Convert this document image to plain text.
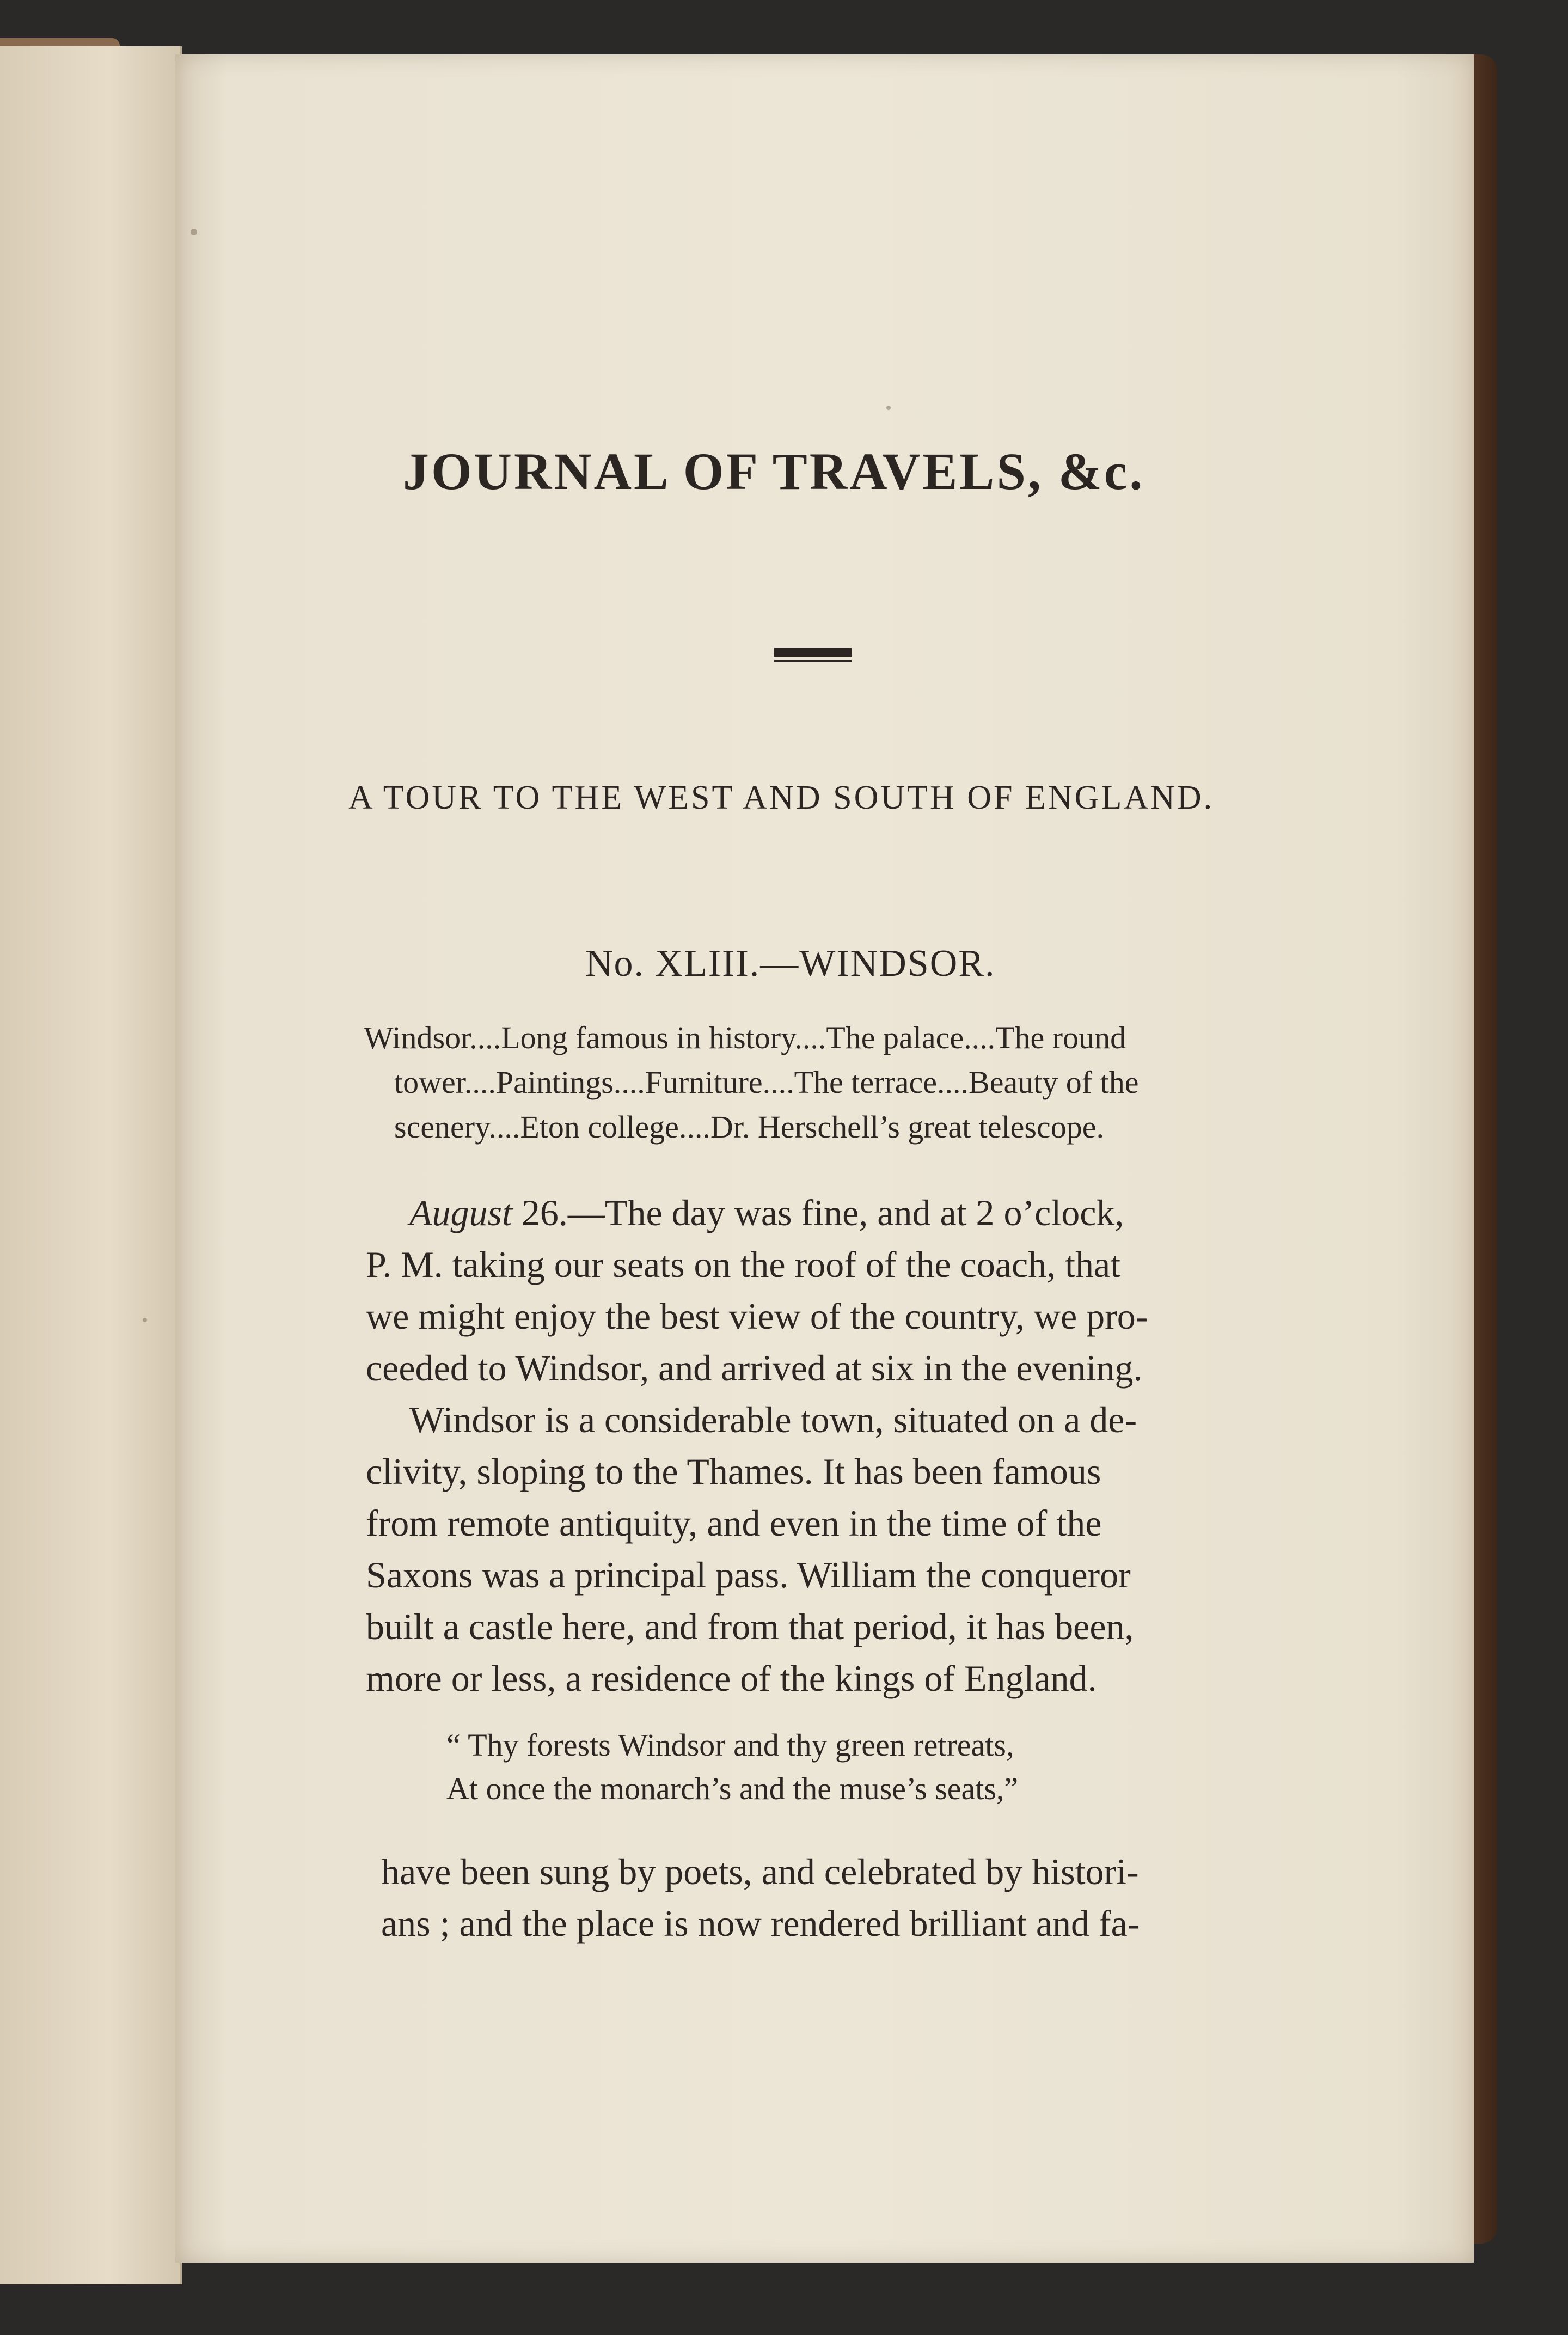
JOURNAL OF TRAVELS, &c.
A TOUR TO THE WEST AND SOUTH OF ENGLAND.
No. XLIII.—WINDSOR.
Windsor....Long famous in history....The palace....The round
tower....Paintings....Furniture....The terrace....Beauty of the
scenery....Eton college....Dr. Herschell’s great telescope.
August 26.—The day was fine, and at 2 o’clock,
P. M. taking our seats on the roof of the coach, that
we might enjoy the best view of the country, we pro-
ceeded to Windsor, and arrived at six in the evening.
Windsor is a considerable town, situated on a de-
clivity, sloping to the Thames. It has been famous
from remote antiquity, and even in the time of the
Saxons was a principal pass. William the conqueror
built a castle here, and from that period, it has been,
more or less, a residence of the kings of England.
“ Thy forests Windsor and thy green retreats,
At once the monarch’s and the muse’s seats,”
have been sung by poets, and celebrated by histori-
ans ; and the place is now rendered brilliant and fa-
